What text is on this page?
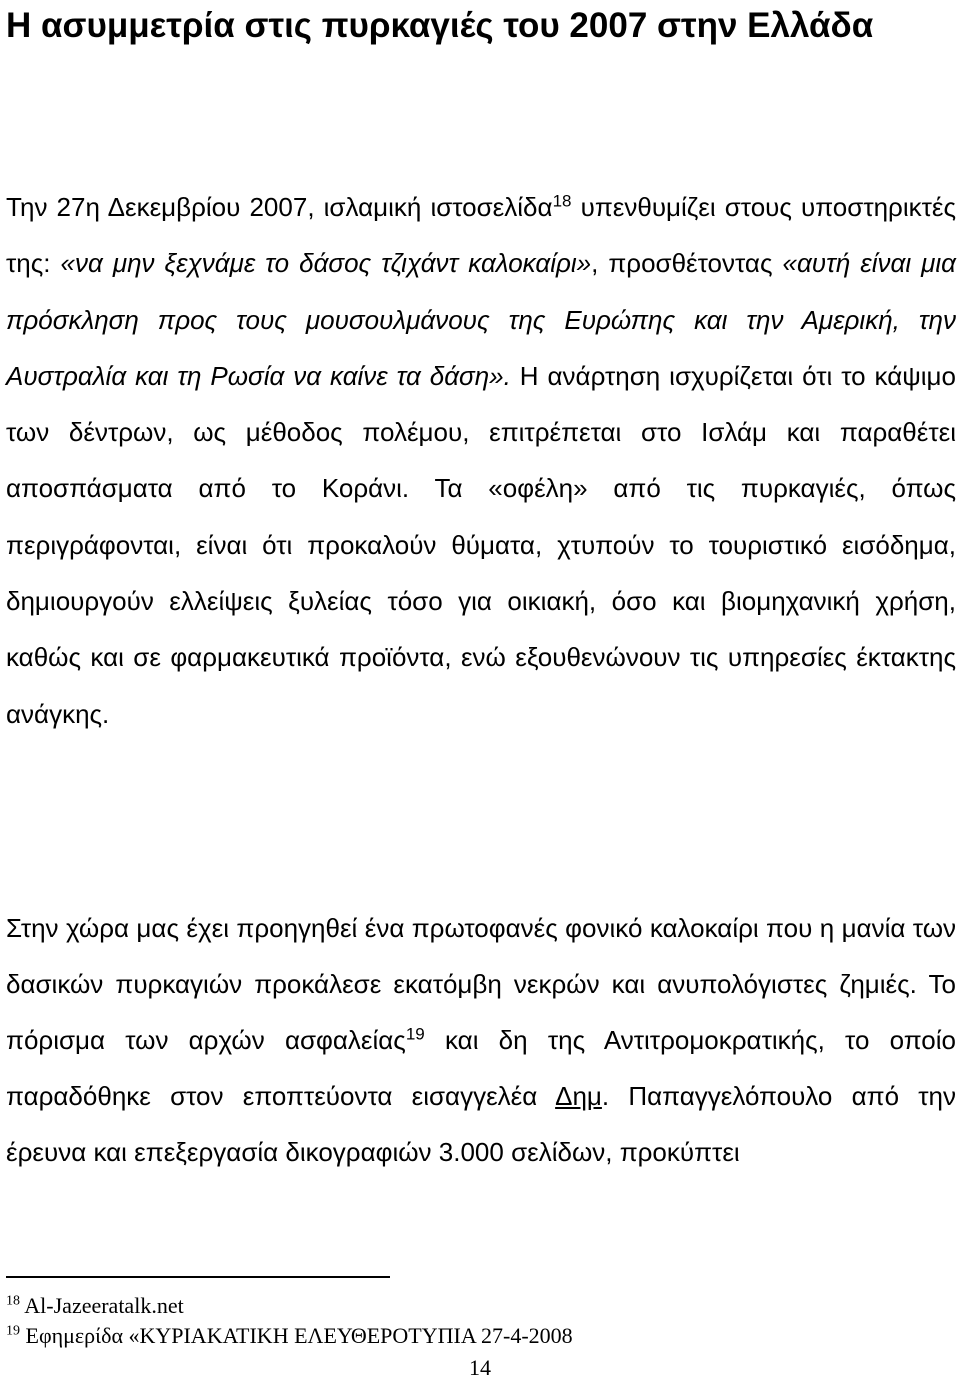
Η ασυμμετρία στις πυρκαγιές του 2007 στην Ελλάδα

Την 27η Δεκεμβρίου 2007, ισλαμική ιστοσελίδα$^{18}$ υπενθυμίζει στους υποστηρικτές της: «να μην ξεχνάμε το δάσος τζιχάντ καλοκαίρι», προσθέτοντας «αυτή είναι μια πρόσκληση προς τους μουσουλμάνους της Ευρώπης και την Αμερική, την Αυστραλία και τη Ρωσία να καίνε τα δάση». Η ανάρτηση ισχυρίζεται ότι το κάψιμο των δέντρων, ως μέθοδος πολέμου, επιτρέπεται στο Ισλάμ και παραθέτει αποσπάσματα από το Κοράνι. Τα «οφέλη» από τις πυρκαγιές, όπως περιγράφονται, είναι ότι προκαλούν θύματα, χτυπούν το τουριστικό εισόδημα, δημιουργούν ελλείψεις ξυλείας τόσο για οικιακή, όσο και βιομηχανική χρήση, καθώς και σε φαρμακευτικά προϊόντα, ενώ εξουθενώνουν τις υπηρεσίες έκτακτης ανάγκης.

Στην χώρα μας έχει προηγηθεί ένα πρωτοφανές φονικό καλοκαίρι που η μανία των δασικών πυρκαγιών προκάλεσε εκατόμβη νεκρών και ανυπολόγιστες ζημιές. Το πόρισμα των αρχών ασφαλείας$^{19}$ και δη της Αντιτρομοκρατικής, το οποίο παραδόθηκε στον εποπτεύοντα εισαγγελέα Δημ. Παπαγγελόπουλο από την έρευνα και επεξεργασία δικογραφιών 3.000 σελίδων, προκύπτει

$^{18}$ Al-Jazeeratalk.net

$^{19}$ Εφημερίδα «ΚΥΡΙΑΚΑΤΙΚΗ ΕΛΕΥΘΕΡΟΤΥΠΙΑ 27-4-2008

14
